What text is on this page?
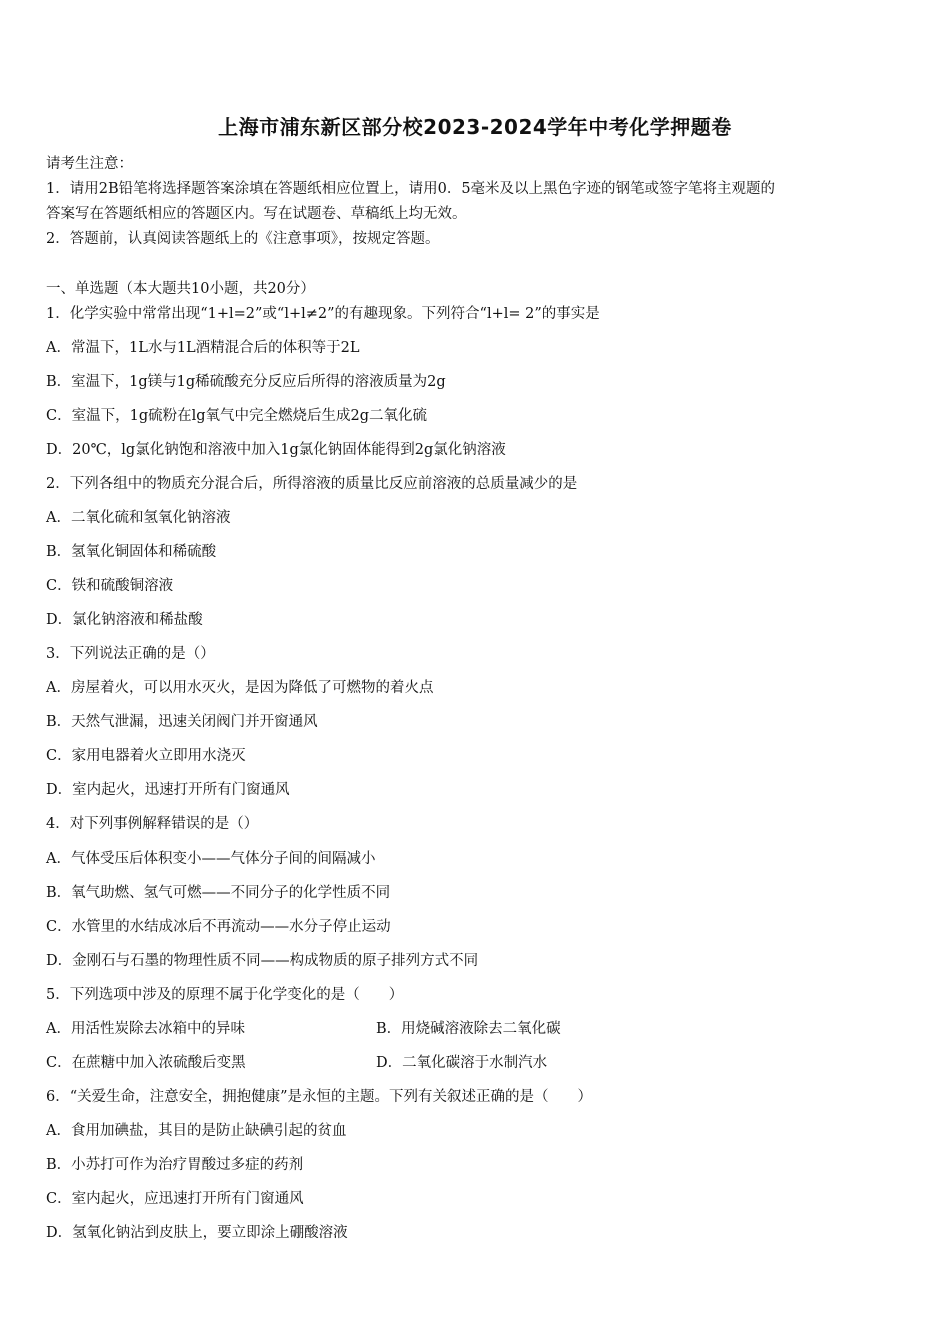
上海市浦东新区部分校2023-2024学年中考化学押题卷

请考生注意：

1．请用2B铅笔将选择题答案涂填在答题纸相应位置上，请用0．5毫米及以上黑色字迹的钢笔或签字笔将主观题的

答案写在答题纸相应的答题区内。写在试题卷、草稿纸上均无效。

2．答题前，认真阅读答题纸上的《注意事项》，按规定答题。

一、单选题（本大题共10小题，共20分）
1．化学实验中常常出现“1+l=2”或“l+l≠2”的有趣现象。下列符合“l+l= 2”的事实是
A．常温下，1L水与1L酒精混合后的体积等于2L
B．室温下，1g镁与1g稀硫酸充分反应后所得的溶液质量为2g
C．室温下，1g硫粉在lg氧气中完全燃烧后生成2g二氧化硫
D．20℃，lg氯化钠饱和溶液中加入1g氯化钠固体能得到2g氯化钠溶液
2．下列各组中的物质充分混合后，所得溶液的质量比反应前溶液的总质量减少的是
A．二氧化硫和氢氧化钠溶液
B．氢氧化铜固体和稀硫酸
C．铁和硫酸铜溶液
D．氯化钠溶液和稀盐酸
3．下列说法正确的是（）
A．房屋着火，可以用水灭火，是因为降低了可燃物的着火点
B．天然气泄漏，迅速关闭阀门并开窗通风
C．家用电器着火立即用水浇灭
D．室内起火，迅速打开所有门窗通风
4．对下列事例解释错误的是（）
A．气体受压后体积变小——气体分子间的间隔减小
B．氧气助燃、氢气可燃——不同分子的化学性质不同
C．水管里的水结成冰后不再流动——水分子停止运动
D．金刚石与石墨的物理性质不同——构成物质的原子排列方式不同
5．下列选项中涉及的原理不属于化学变化的是（　　）
A．用活性炭除去冰箱中的异味	B．用烧碱溶液除去二氧化碳
C．在蔗糖中加入浓硫酸后变黑	D．二氧化碳溶于水制汽水
6．“关爱生命，注意安全，拥抱健康”是永恒的主题。下列有关叙述正确的是（　　）
A．食用加碘盐，其目的是防止缺碘引起的贫血
B．小苏打可作为治疗胃酸过多症的药剂
C．室内起火，应迅速打开所有门窗通风
D．氢氧化钠沾到皮肤上，要立即涂上硼酸溶液
